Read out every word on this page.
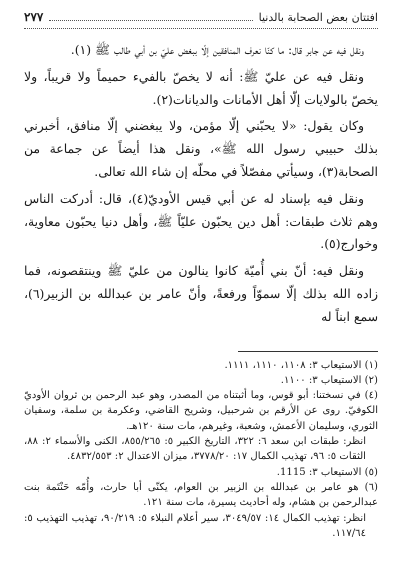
افتتان بعض الصحابة بالدنيا
٢٧٧

ونقل فيه عن جابر قال: ما كنّا نعرف المنافقين إلّا ببغض عليّ بن أبي طالب ﷺ (١).

ونقل فيه عن عليّ ﷺ: أنه لا يخصّ بالفيء حميماً ولا قريباً، ولا يخصّ بالولايات إلّا أهل الأمانات والديانات(٢).

وكان يقول: «لا يحبّني إلّا مؤمن، ولا يبغضني إلّا منافق، أخبرني بذلك حبيبي رسول الله ﷺ»، ونقل هذا أيضاً عن جماعة من الصحابة(٣)، وسيأتي مفصّلاً في محلّه إن شاء الله تعالى.

ونقل فيه بإسناد له عن أبي قيس الأوديّ(٤)، قال: أدركت الناس وهم ثلاث طبقات: أهل دين يحبّون عليّاً ﷺ، وأهل دنيا يحبّون معاوية، وخوارج(٥).

ونقل فيه: أنّ بني أُميّة كانوا ينالون من عليّ ﷺ وينتقصونه، فما زاده الله بذلك إلّا سموّاً ورفعةً، وأنّ عامر بن عبدالله بن الزبير(٦)، سمع ابناً له

(١) الاستيعاب ٣: ١١٠٨، ١١١٠، ١١١١.
(٢) الاستيعاب ٣: ١١٠٠.
(٤) في نسختنا: أبو قوس، وما أثبتناه من المصدر، وهو عبد الرحمن بن ثروان الأوديّ الكوفيّ. روى عن الأرقم بن شرحبيل، وشريح القاضي، وعكرمة بن سلمة، وسفيان الثوري، وسليمان الأعمش، وشعبة، وغيرهم، مات سنة ١٢٠هـ.
انظر: طبقات ابن سعد ٦: ٣٢٢، التاريخ الكبير ٥: ٨٥٥/٢٦٥، الكنى والأسماء ٢: ٨٨، الثقات ٥: ٩٦، تهذيب الكمال ١٧: ٣٧٧٨/٢٠، ميزان الاعتدال ٢: ٤٨٣٢/٥٥٣.
(٥) الاستيعاب ٣: 1115.
(٦) هو عامر بن عبدالله بن الزبير بن العوام، يكنّى أبا حارث، وأُمّه حَنْتَمة بنت عبدالرحمن بن هشام، وله أحاديث يسيرة، مات سنة ١٢١.
انظر: تهذيب الكمال ١٤: ٣٠٤٩/٥٧، سير أعلام النبلاء ٥: ٩٠/٢١٩، تهذيب التهذيب ٥: ١١٧/٦٤.
